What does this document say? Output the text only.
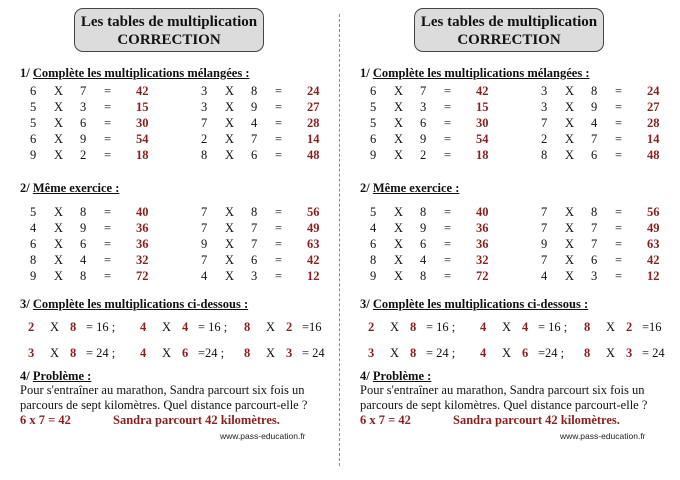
Les tables de multiplication
CORRECTION
1/ Complète les multiplications mélangées :
6 X 7 = 42
5 X 3 = 15
5 X 6 = 30
6 X 9 = 54
9 X 2 = 18
3 X 8 = 24
3 X 9 = 27
7 X 4 = 28
2 X 7 = 14
8 X 6 = 48
2/ Même exercice :
5 X 8 = 40
4 X 9 = 36
6 X 6 = 36
8 X 4 = 32
9 X 8 = 72
7 X 8 = 56
7 X 7 = 49
9 X 7 = 63
7 X 6 = 42
4 X 3 = 12
3/ Complète les multiplications ci-dessous :
2 X 8 = 16 ; 4 X 4 = 16 ; 8 X 2 =16
3 X 8 = 24 ; 4 X 6 =24 ; 8 X 3 = 24
4/ Problème :
Pour s'entraîner au marathon, Sandra parcourt six fois un parcours de sept kilomètres. Quel distance parcourt-elle ?
6 x 7 = 42	Sandra parcourt 42 kilomètres.
www.pass-education.fr
Les tables de multiplication
CORRECTION
1/ Complète les multiplications mélangées :
6 X 7 = 42
5 X 3 = 15
5 X 6 = 30
6 X 9 = 54
9 X 2 = 18
3 X 8 = 24
3 X 9 = 27
7 X 4 = 28
2 X 7 = 14
8 X 6 = 48
2/ Même exercice :
5 X 8 = 40
4 X 9 = 36
6 X 6 = 36
8 X 4 = 32
9 X 8 = 72
7 X 8 = 56
7 X 7 = 49
9 X 7 = 63
7 X 6 = 42
4 X 3 = 12
3/ Complète les multiplications ci-dessous :
2 X 8 = 16 ; 4 X 4 = 16 ; 8 X 2 =16
3 X 8 = 24 ; 4 X 6 =24 ; 8 X 3 = 24
4/ Problème :
Pour s'entraîner au marathon, Sandra parcourt six fois un parcours de sept kilomètres. Quel distance parcourt-elle ?
6 x 7 = 42	Sandra parcourt 42 kilomètres.
www.pass-education.fr
